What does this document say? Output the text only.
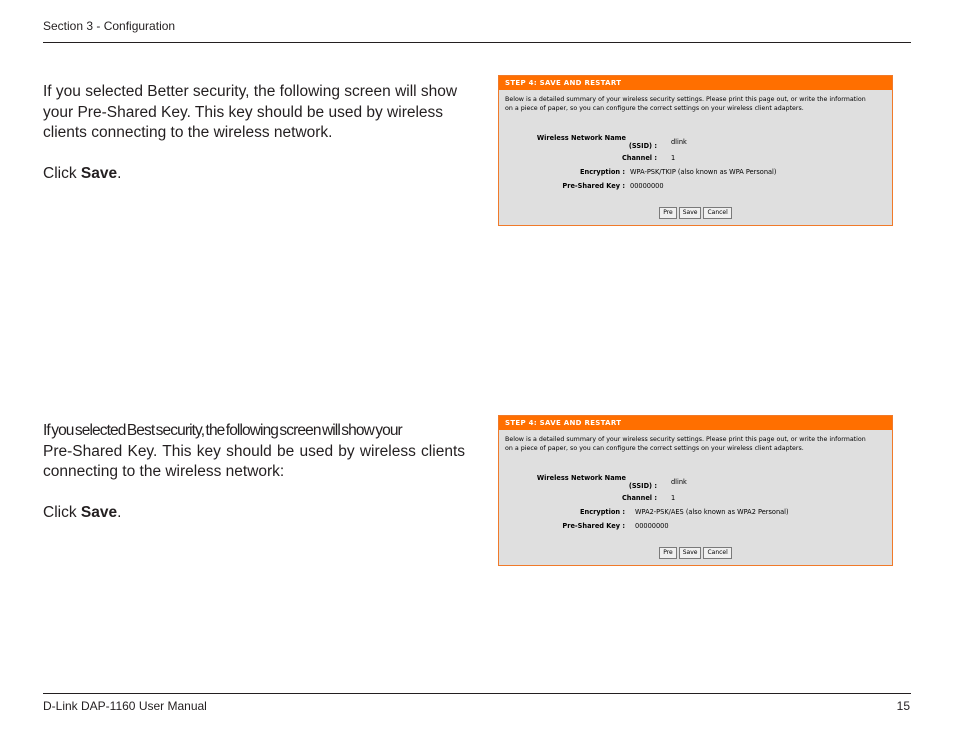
Section 3 - Configuration

If you selected Better security, the following screen will show your Pre-Shared Key. This key should be used by wireless clients connecting to the wireless network.

Click Save.

STEP 4: SAVE AND RESTART
Below is a detailed summary of your wireless security settings. Please print this page out, or write the information
on a piece of paper, so you can configure the correct settings on your wireless client adapters.
Wireless Network Name
(SSID) : dlink
Channel : 1
Encryption : WPA-PSK/TKIP (also known as WPA Personal)
Pre-Shared Key : 00000000
Pre Save Cancel

If you selected Best security, the following screen will show your

Pre-Shared Key. This key should be used by wireless clients connecting to the wireless network:

Click Save.

STEP 4: SAVE AND RESTART
Below is a detailed summary of your wireless security settings. Please print this page out, or write the information
on a piece of paper, so you can configure the correct settings on your wireless client adapters.
Wireless Network Name
(SSID) : dlink
Channel : 1
Encryption : WPA2-PSK/AES (also known as WPA2 Personal)
Pre-Shared Key : 00000000
Pre Save Cancel
D-Link DAP-1160 User Manual	15
